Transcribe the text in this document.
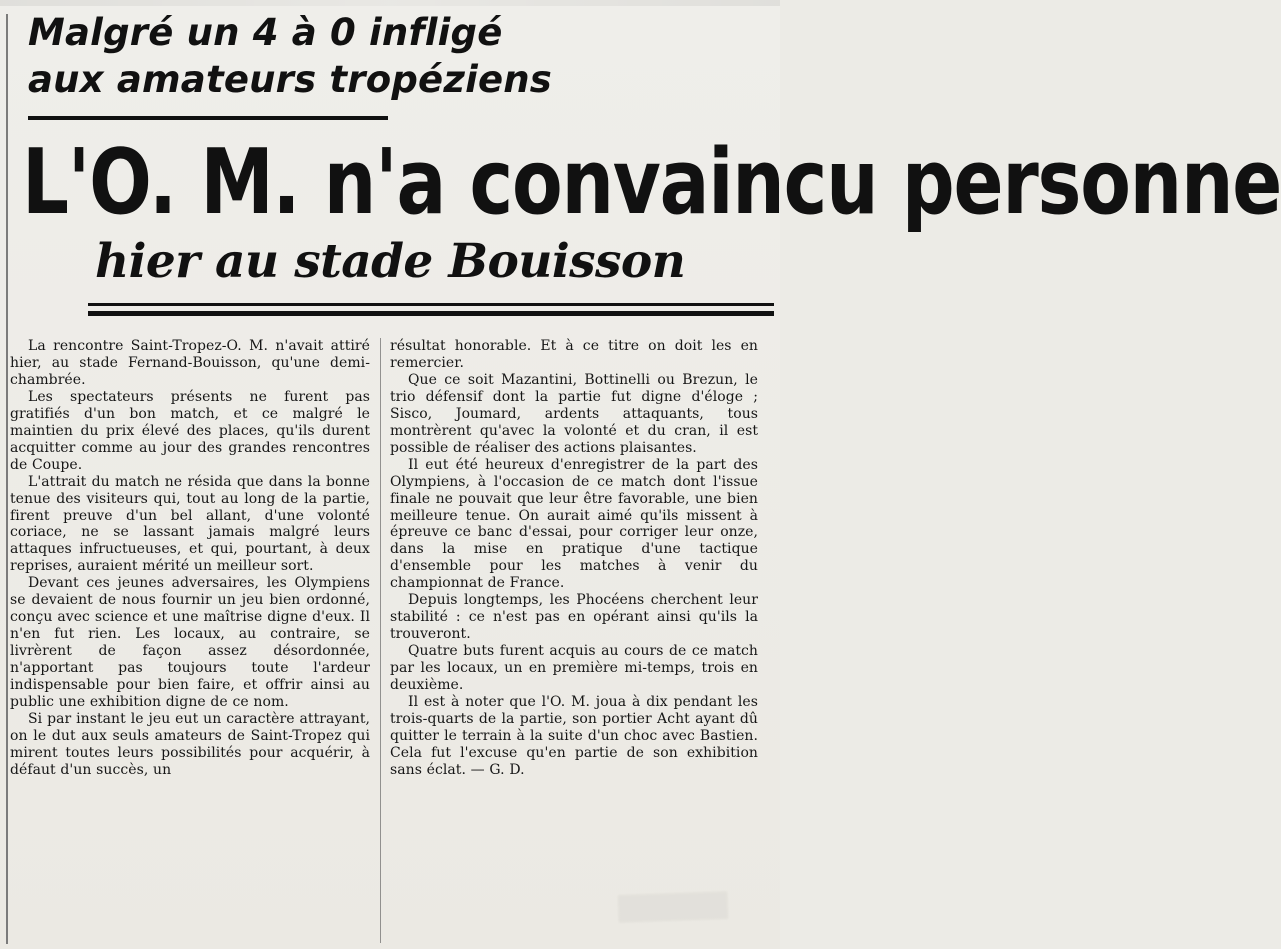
Malgré un 4 à 0 infligé
aux amateurs tropéziens
L'O. M. n'a convaincu personne
hier au stade Bouisson

La rencontre Saint-Tropez-O. M. n'avait attiré hier, au stade Fernand-Bouisson, qu'une demi-chambrée.

Les spectateurs présents ne furent pas gratifiés d'un bon match, et ce malgré le maintien du prix élevé des places, qu'ils durent acquitter comme au jour des grandes rencontres de Coupe.

L'attrait du match ne résida que dans la bonne tenue des visiteurs qui, tout au long de la partie, firent preuve d'un bel allant, d'une volonté coriace, ne se lassant jamais malgré leurs attaques infructueuses, et qui, pourtant, à deux reprises, auraient mérité un meilleur sort.

Devant ces jeunes adversaires, les Olympiens se devaient de nous fournir un jeu bien ordonné, conçu avec science et une maîtrise digne d'eux. Il n'en fut rien. Les locaux, au contraire, se livrèrent de façon assez désordonnée, n'apportant pas toujours toute l'ardeur indispensable pour bien faire, et offrir ainsi au public une exhibition digne de ce nom.

Si par instant le jeu eut un caractère attrayant, on le dut aux seuls amateurs de Saint-Tropez qui mirent toutes leurs possibilités pour acquérir, à défaut d'un succès, un

résultat honorable. Et à ce titre on doit les en remercier.

Que ce soit Mazantini, Bottinelli ou Brezun, le trio défensif dont la partie fut digne d'éloge ; Sisco, Joumard, ardents attaquants, tous montrèrent qu'avec la volonté et du cran, il est possible de réaliser des actions plaisantes.

Il eut été heureux d'enregistrer de la part des Olympiens, à l'occasion de ce match dont l'issue finale ne pouvait que leur être favorable, une bien meilleure tenue. On aurait aimé qu'ils missent à épreuve ce banc d'essai, pour corriger leur onze, dans la mise en pratique d'une tactique d'ensemble pour les matches à venir du championnat de France.

Depuis longtemps, les Phocéens cherchent leur stabilité : ce n'est pas en opérant ainsi qu'ils la trouveront.

Quatre buts furent acquis au cours de ce match par les locaux, un en première mi-temps, trois en deuxième.

Il est à noter que l'O. M. joua à dix pendant les trois-quarts de la partie, son portier Acht ayant dû quitter le terrain à la suite d'un choc avec Bastien. Cela fut l'excuse qu'en partie de son exhibition sans éclat. — G. D.
